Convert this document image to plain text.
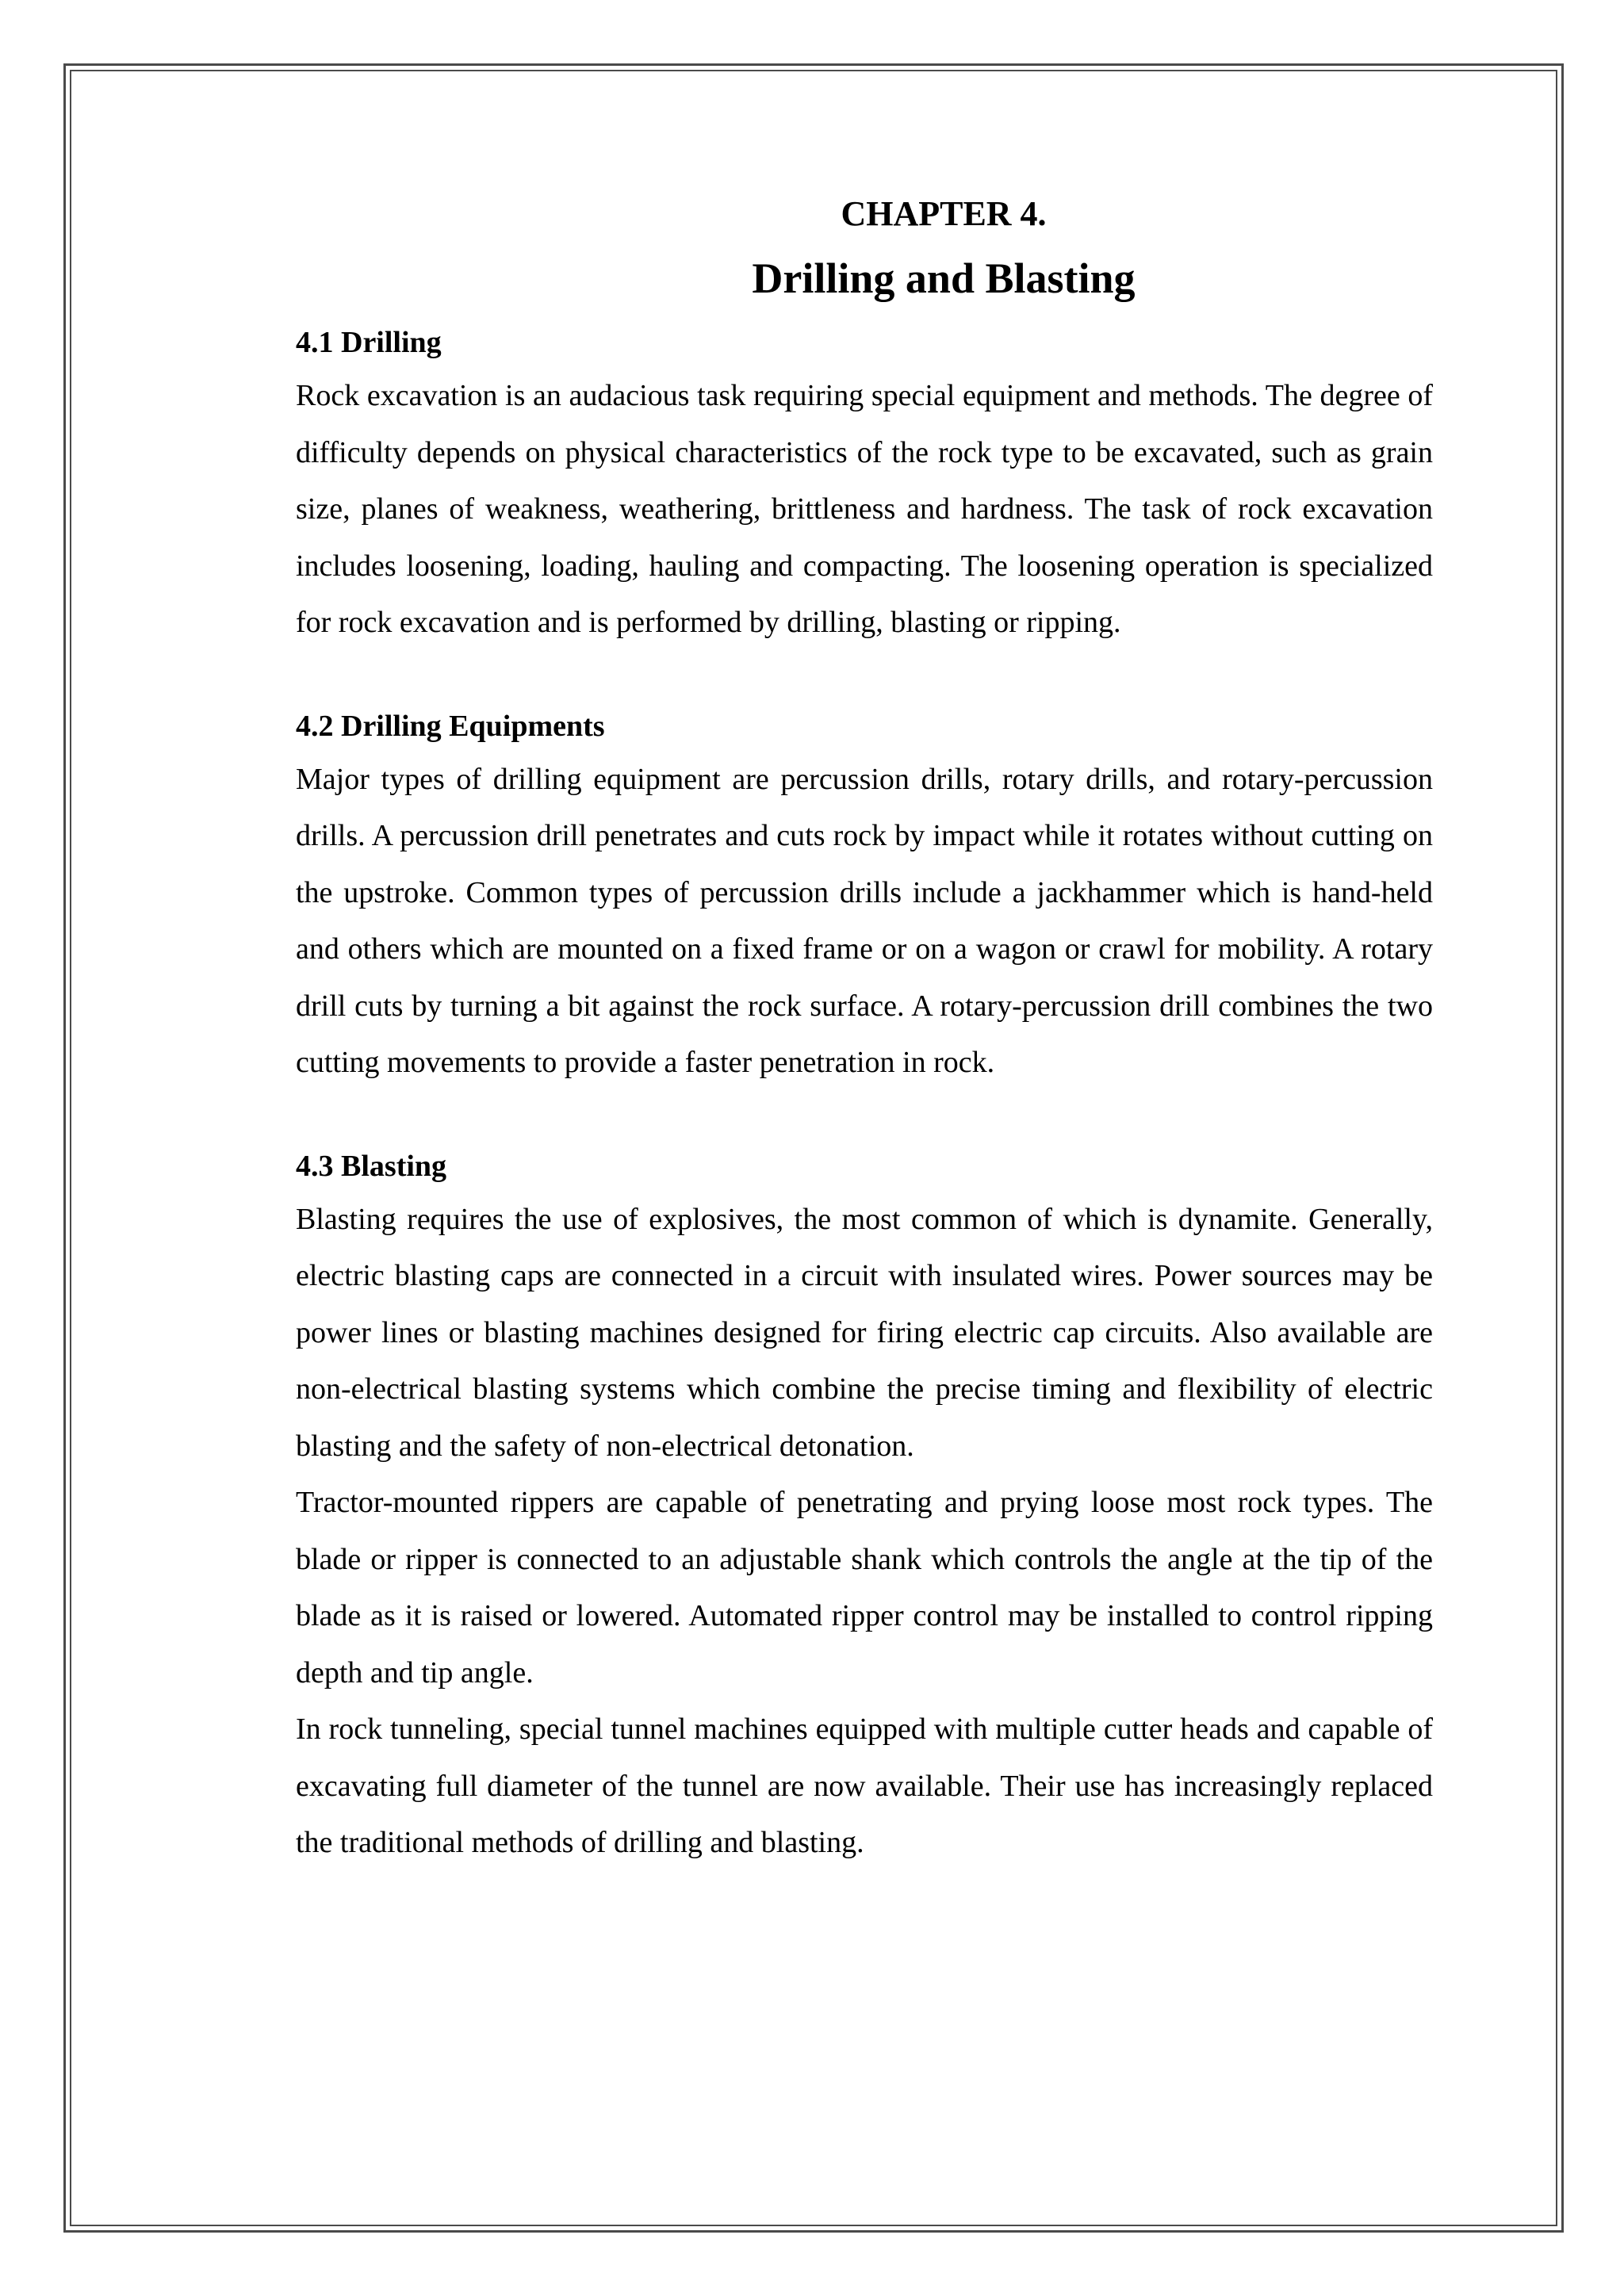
CHAPTER 4.
Drilling and Blasting
4.1 Drilling

Rock excavation is an audacious task requiring special equipment and methods. The degree of difficulty depends on physical characteristics of the rock type to be excavated, such as grain size, planes of weakness, weathering, brittleness and hardness. The task of rock excavation includes loosening, loading, hauling and compacting. The loosening operation is specialized for rock excavation and is performed by drilling, blasting or ripping.

4.2 Drilling Equipments

Major types of drilling equipment are percussion drills, rotary drills, and rotary-percussion drills. A percussion drill penetrates and cuts rock by impact while it rotates without cutting on the upstroke. Common types of percussion drills include a jackhammer which is hand-held and others which are mounted on a fixed frame or on a wagon or crawl for mobility. A rotary drill cuts by turning a bit against the rock surface. A rotary-percussion drill combines the two cutting movements to provide a faster penetration in rock.

4.3 Blasting

Blasting requires the use of explosives, the most common of which is dynamite. Generally, electric blasting caps are connected in a circuit with insulated wires. Power sources may be power lines or blasting machines designed for firing electric cap circuits. Also available are non-electrical blasting systems which combine the precise timing and flexibility of electric blasting and the safety of non-electrical detonation.

Tractor-mounted rippers are capable of penetrating and prying loose most rock types. The blade or ripper is connected to an adjustable shank which controls the angle at the tip of the blade as it is raised or lowered. Automated ripper control may be installed to control ripping depth and tip angle.

In rock tunneling, special tunnel machines equipped with multiple cutter heads and capable of excavating full diameter of the tunnel are now available. Their use has increasingly replaced the traditional methods of drilling and blasting.
